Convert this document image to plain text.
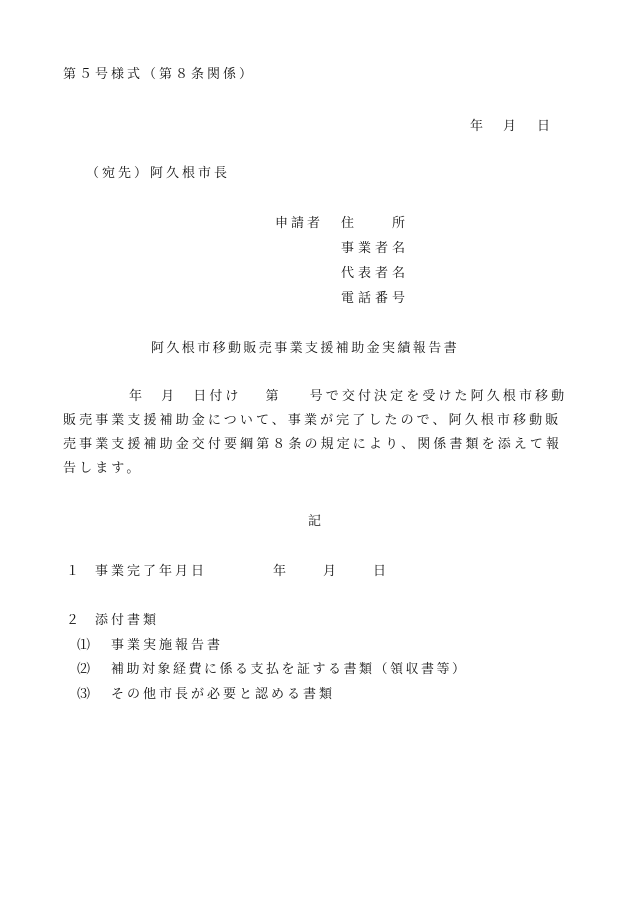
第５号様式（第８条関係）
年 月 日
（宛先）阿久根市長
申請者 住　　所
事業者名
代表者名
電話番号
阿久根市移動販売事業支援補助金実績報告書
年 月 日付け 第 号で交付決定を受けた阿久根市移動販売事業支援補助金について、事業が完了したので、阿久根市移動販売事業支援補助金交付要綱第８条の規定により、関係書類を添えて報告します。
記
１ 事業完了年月日	年	月	日
２ 添付書類
⑴ 事業実施報告書
⑵ 補助対象経費に係る支払を証する書類（領収書等）
⑶ その他市長が必要と認める書類
